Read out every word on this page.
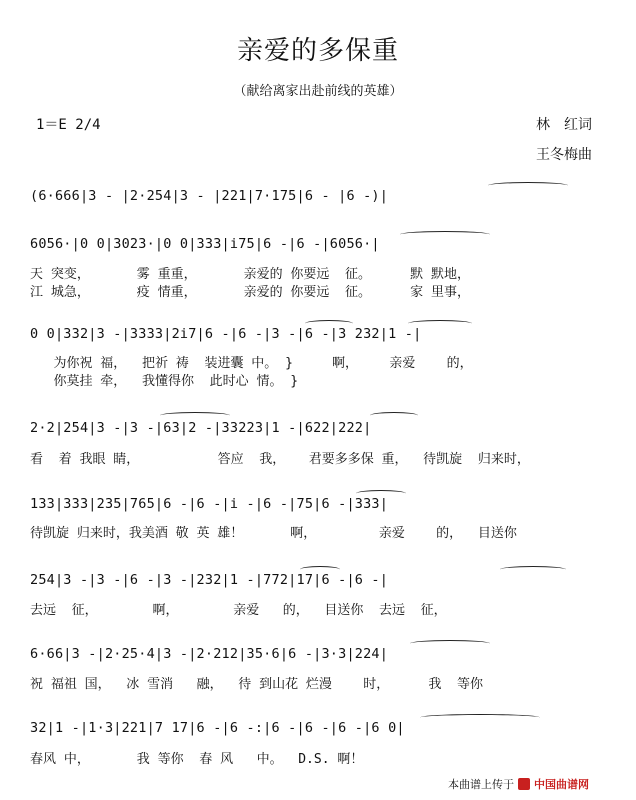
亲爱的多保重
（献给离家出赴前线的英雄）
1＝E 2/4	林　红词
王冬梅曲
(6·666|3 - |2·254|3 - |221|7·175|6 - |6 -)|
6056·|0 0|3023·|0 0|333|i75|6 -|6 -|6056·|
天 突变，      雾 重重，      亲爱的 你要远  征。     默 默地，
江 城急，      疫 情重，      亲爱的 你要远  征。     家 里事，
0 0|332|3 -|3333|2i7|6 -|6 -|3 -|6 -|3 232|1 -|
为你祝 福，  把祈 祷  装进囊 中。 }     啊，    亲爱    的，
你莫挂 牵，  我懂得你  此时心 情。 }
2·2|254|3 -|3 -|63|2 -|33223|1 -|622|222|
看  着 我眼 睛，          答应  我，   君要多多保 重，  待凯旋  归来时，
133|333|235|765|6 -|6 -|i -|6 -|75|6 -|333|
待凯旋 归来时，我美酒 敬 英 雄！      啊，        亲爱    的，  目送你
254|3 -|3 -|6 -|3 -|232|1 -|772|17|6 -|6 -|
去远  征，       啊，       亲爱   的，  目送你  去远  征，
6·66|3 -|2·25·4|3 -|2·212|35·6|6 -|3·3|224|
祝 福祖 国，  冰 雪消   融，  待 到山花 烂漫    时，     我  等你
32|1 -|1·3|221|7 17|6 -|6 -:|6 -|6 -|6 -|6 0|
春风 中，      我 等你  春 风   中。  D.S. 啊！
本曲谱上传于 中国曲谱网
